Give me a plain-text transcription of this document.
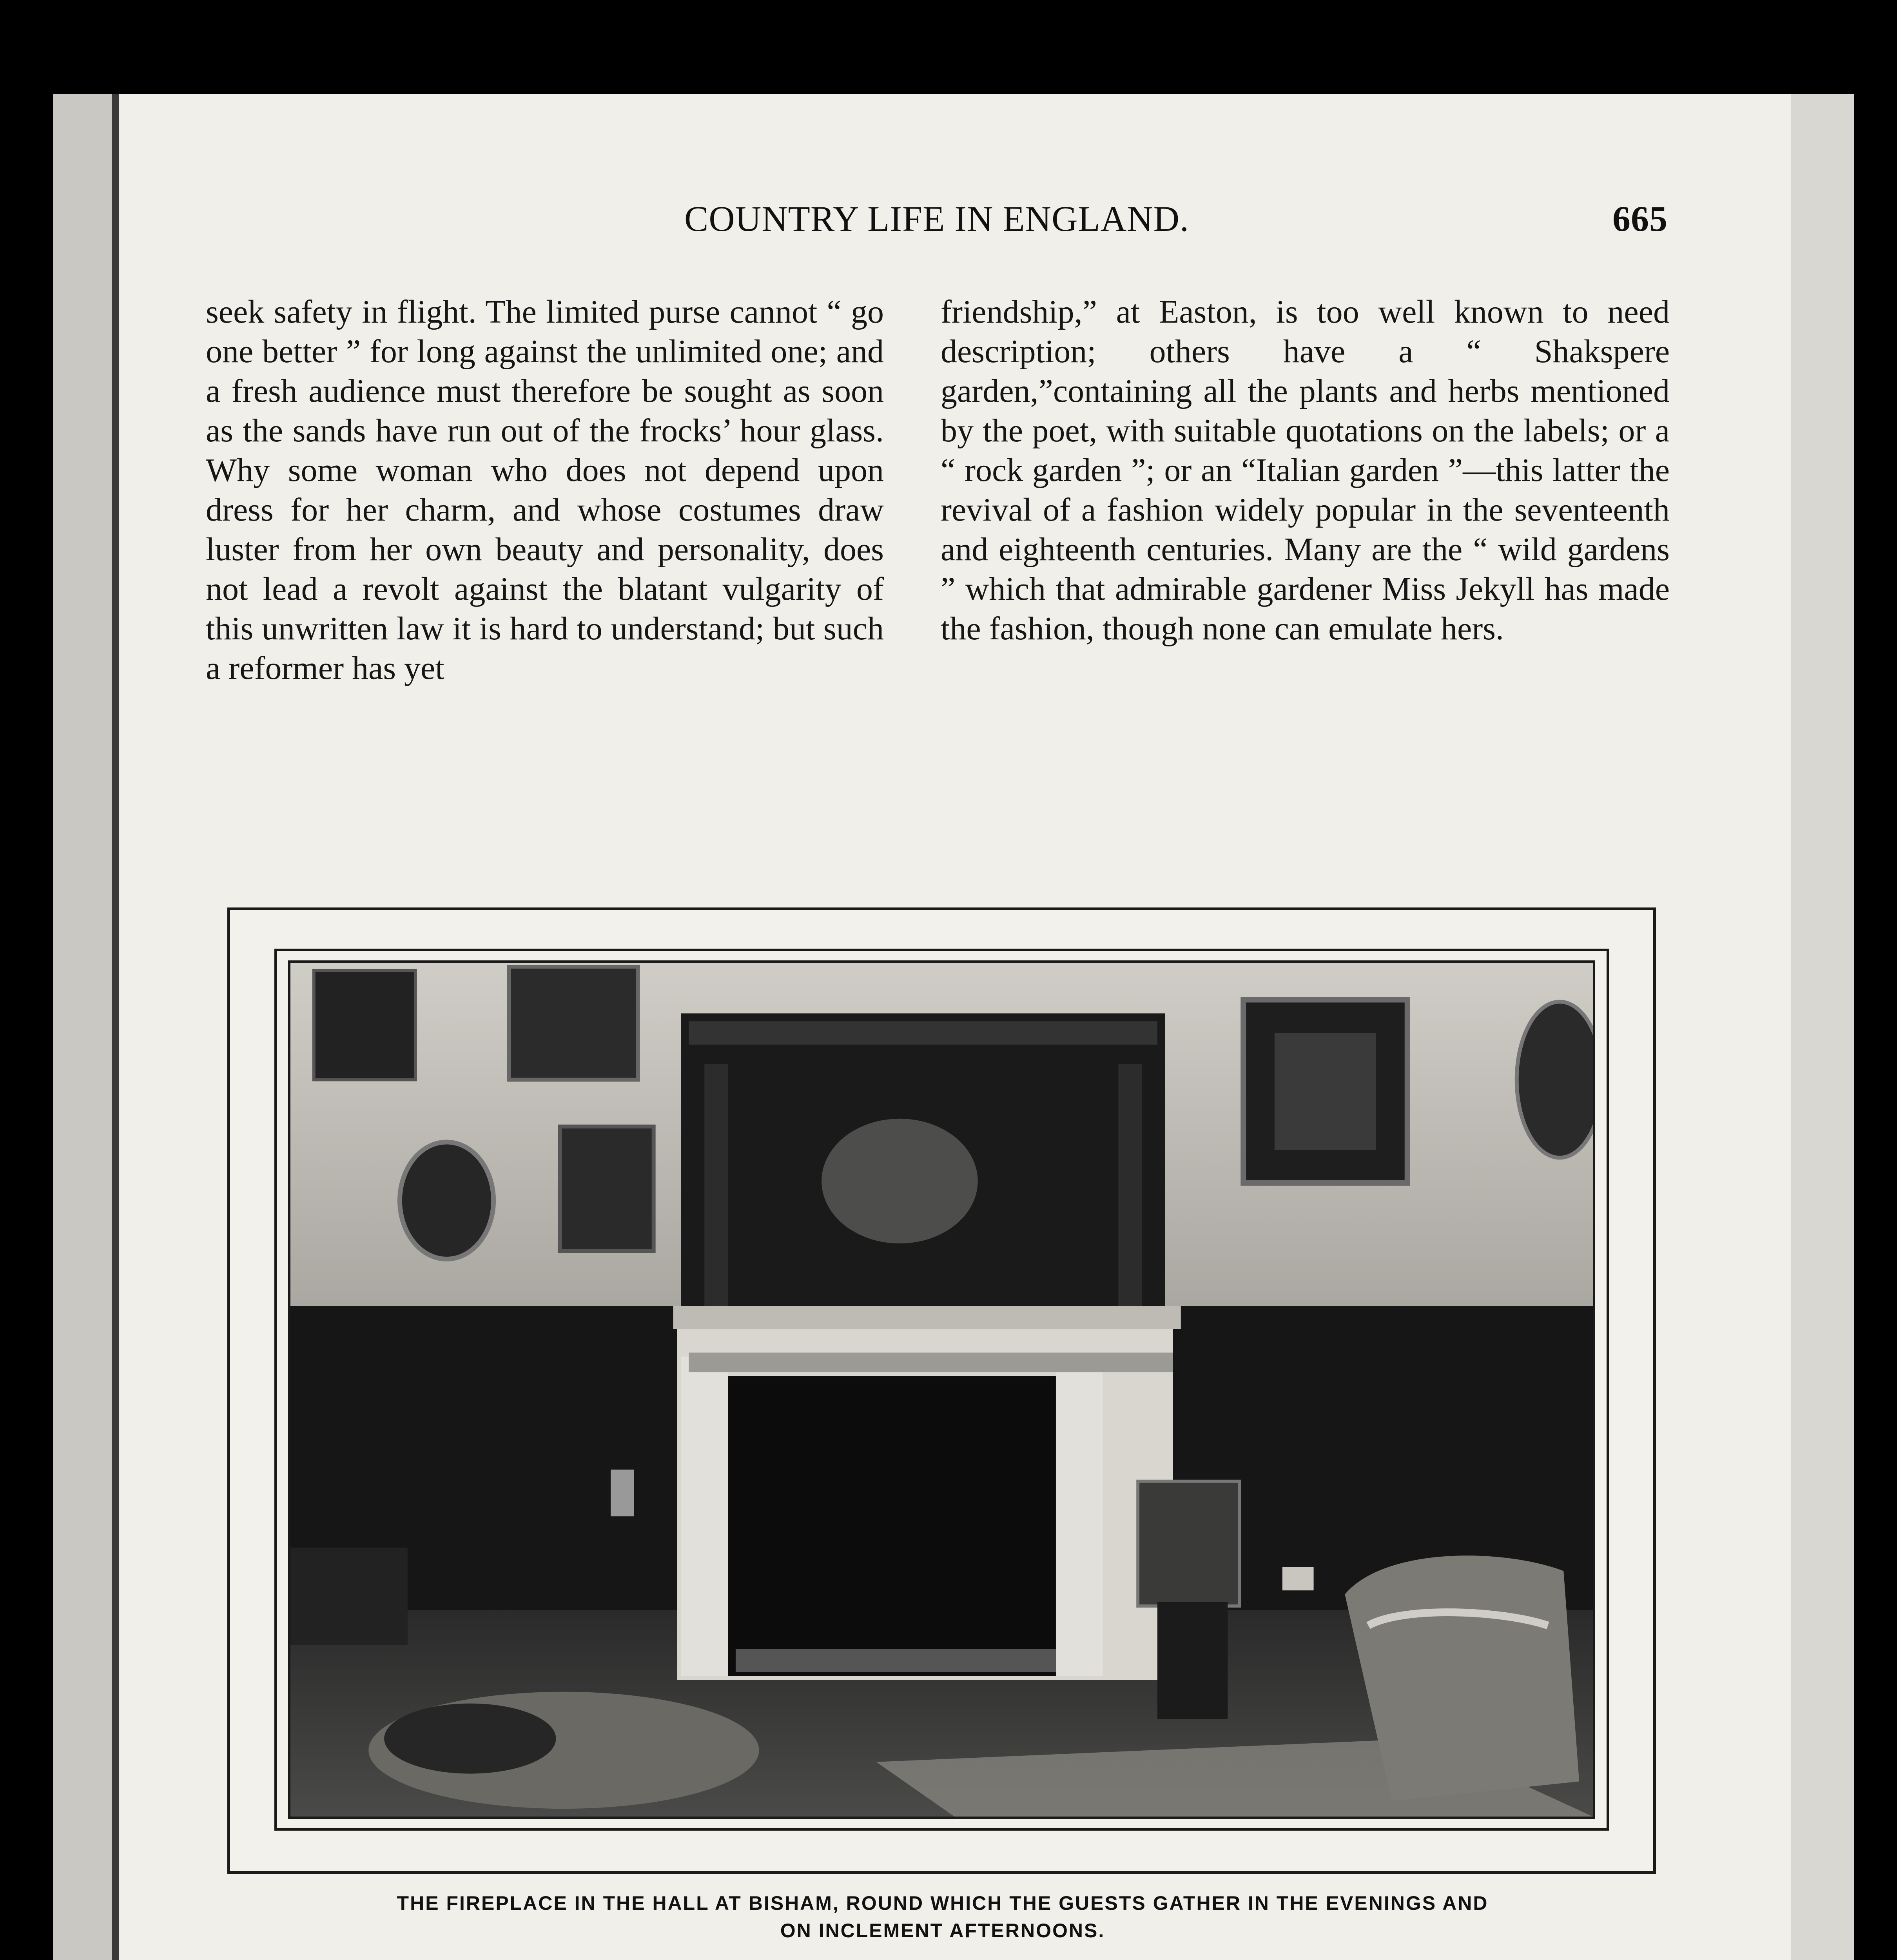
COUNTRY LIFE IN ENGLAND.	665

seek safety in flight. The limited purse cannot “ go one better ” for long against the unlimited one; and a fresh audience must therefore be sought as soon as the sands have run out of the frocks’ hour glass. Why some woman who does not depend upon dress for her charm, and whose costumes draw luster from her own beauty and personality, does not lead a revolt against the blatant vulgarity of this unwritten law it is hard to understand; but such a reformer has yet

friendship,” at Easton, is too well known to need description; others have a “ Shakspere garden,”containing all the plants and herbs mentioned by the poet, with suitable quotations on the labels; or a “ rock garden ”; or an “Italian garden ”—this latter the revival of a fashion widely popular in the seventeenth and eighteenth centuries. Many are the “ wild gardens ” which that admirable gardener Miss Jekyll has made the fashion, though none can emulate hers.

THE FIREPLACE IN THE HALL AT BISHAM, ROUND WHICH THE GUESTS GATHER IN THE EVENINGS AND
ON INCLEMENT AFTERNOONS.
